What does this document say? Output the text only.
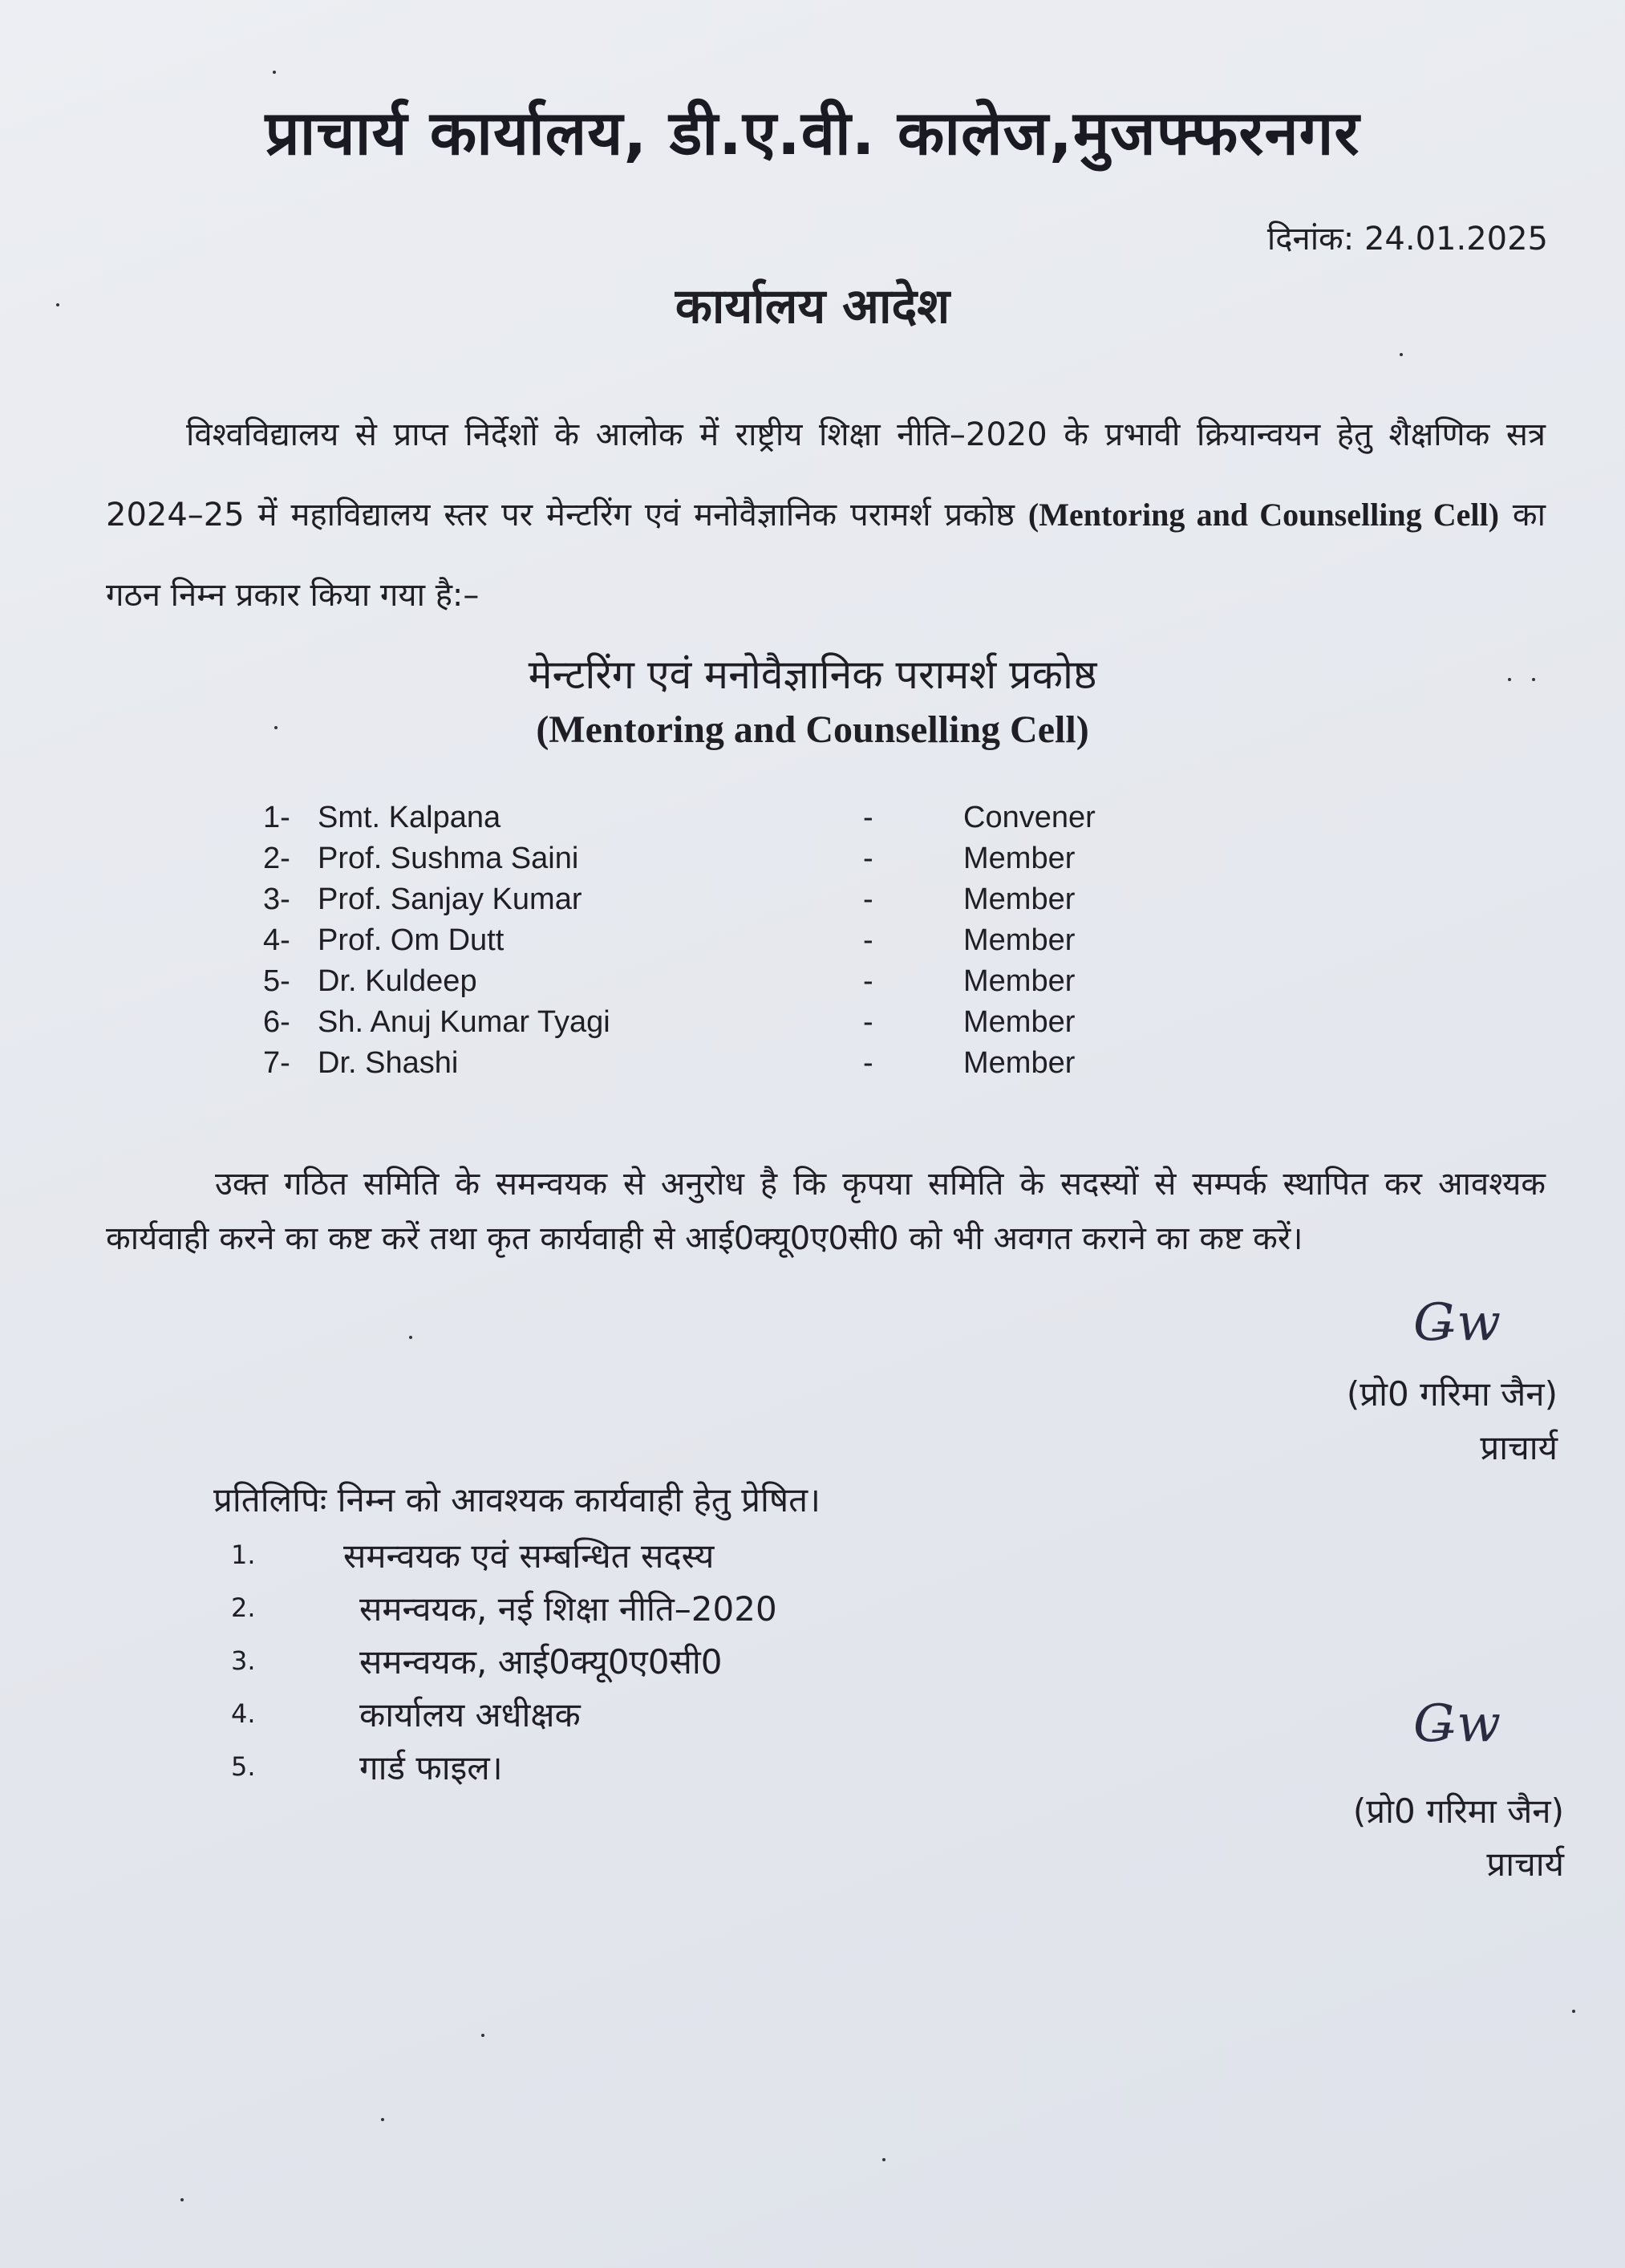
प्राचार्य कार्यालय, डी.ए.वी. कालेज,मुजफ्फरनगर
दिनांक: 24.01.2025
कार्यालय आदेश
विश्वविद्यालय से प्राप्त निर्देशों के आलोक में राष्ट्रीय शिक्षा नीति–2020 के प्रभावी क्रियान्वयन हेतु शैक्षणिक सत्र 2024–25 में महाविद्यालय स्तर पर मेन्टरिंग एवं मनोवैज्ञानिक परामर्श प्रकोष्ठ (Mentoring and Counselling Cell) का गठन निम्न प्रकार किया गया है:–
मेन्टरिंग एवं मनोवैज्ञानिक परामर्श प्रकोष्ठ
(Mentoring and Counselling Cell)
1-	Smt. Kalpana	-	Convener
2-	Prof. Sushma Saini	-	Member
3-	Prof. Sanjay Kumar	-	Member
4-	Prof. Om Dutt	-	Member
5-	Dr. Kuldeep	-	Member
6-	Sh. Anuj Kumar Tyagi	-	Member
7-	Dr. Shashi	-	Member
उक्त गठित समिति के समन्वयक से अनुरोध है कि कृपया समिति के सदस्यों से सम्पर्क स्थापित कर आवश्यक कार्यवाही करने का कष्ट करें तथा कृत कार्यवाही से आई0क्यू0ए0सी0 को भी अवगत कराने का कष्ट करें।
Ǥw
(प्रो0 गरिमा जैन)
प्राचार्य
प्रतिलिपिः निम्न को आवश्यक कार्यवाही हेतु प्रेषित।
1.	समन्वयक एवं सम्बन्धित सदस्य
2.	समन्वयक, नई शिक्षा नीति–2020
3.	समन्वयक, आई0क्यू0ए0सी0
4.	कार्यालय अधीक्षक
5.	गार्ड फाइल।
Ǥw
(प्रो0 गरिमा जैन)
प्राचार्य
